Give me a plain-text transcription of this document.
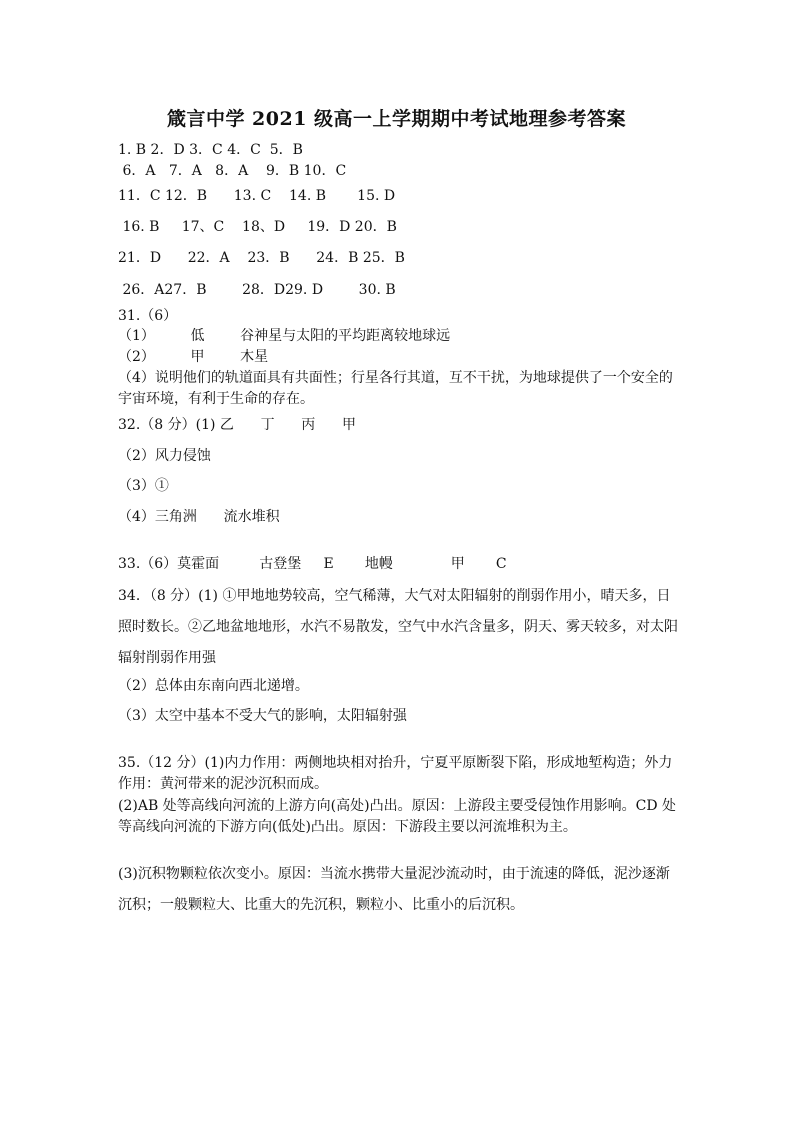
箴言中学 2021 级高一上学期期中考试地理参考答案
1. B 2．D 3．C 4．C  5．B
6．A   7．A   8．A    9．B 10．C
11．C 12．B      13. C    14. B       15. D
16. B     17、C    18、D     19．D 20．B
21．D      22．A    23．B      24．B 25．B
26．A27．B        28．D29. D        30. B
31.（6）
（1）        低        谷神星与太阳的平均距离较地球远
（2）        甲        木星
（4）说明他们的轨道面具有共面性；行星各行其道，互不干扰，为地球提供了一个安全的宇宙环境，有利于生命的存在。
32.（8 分）(1) 乙      丁      丙      甲
（2）风力侵蚀
（3）①
（4）三角洲      流水堆积
33.（6）莫霍面         古登堡     E       地幔             甲       C
34．（8 分）(1) ①甲地地势较高，空气稀薄，大气对太阳辐射的削弱作用小，晴天多，日照时数长。②乙地盆地地形，水汽不易散发，空气中水汽含量多，阴天、雾天较多，对太阳辐射削弱作用强
（2）总体由东南向西北递增。
（3）太空中基本不受大气的影响，太阳辐射强
35.（12 分）(1)内力作用：两侧地块相对抬升，宁夏平原断裂下陷，形成地堑构造；外力作用：黄河带来的泥沙沉积而成。
(2)AB 处等高线向河流的上游方向(高处)凸出。原因：上游段主要受侵蚀作用影响。CD 处等高线向河流的下游方向(低处)凸出。原因：下游段主要以河流堆积为主。
(3)沉积物颗粒依次变小。原因：当流水携带大量泥沙流动时，由于流速的降低，泥沙逐渐沉积；一般颗粒大、比重大的先沉积，颗粒小、比重小的后沉积。
